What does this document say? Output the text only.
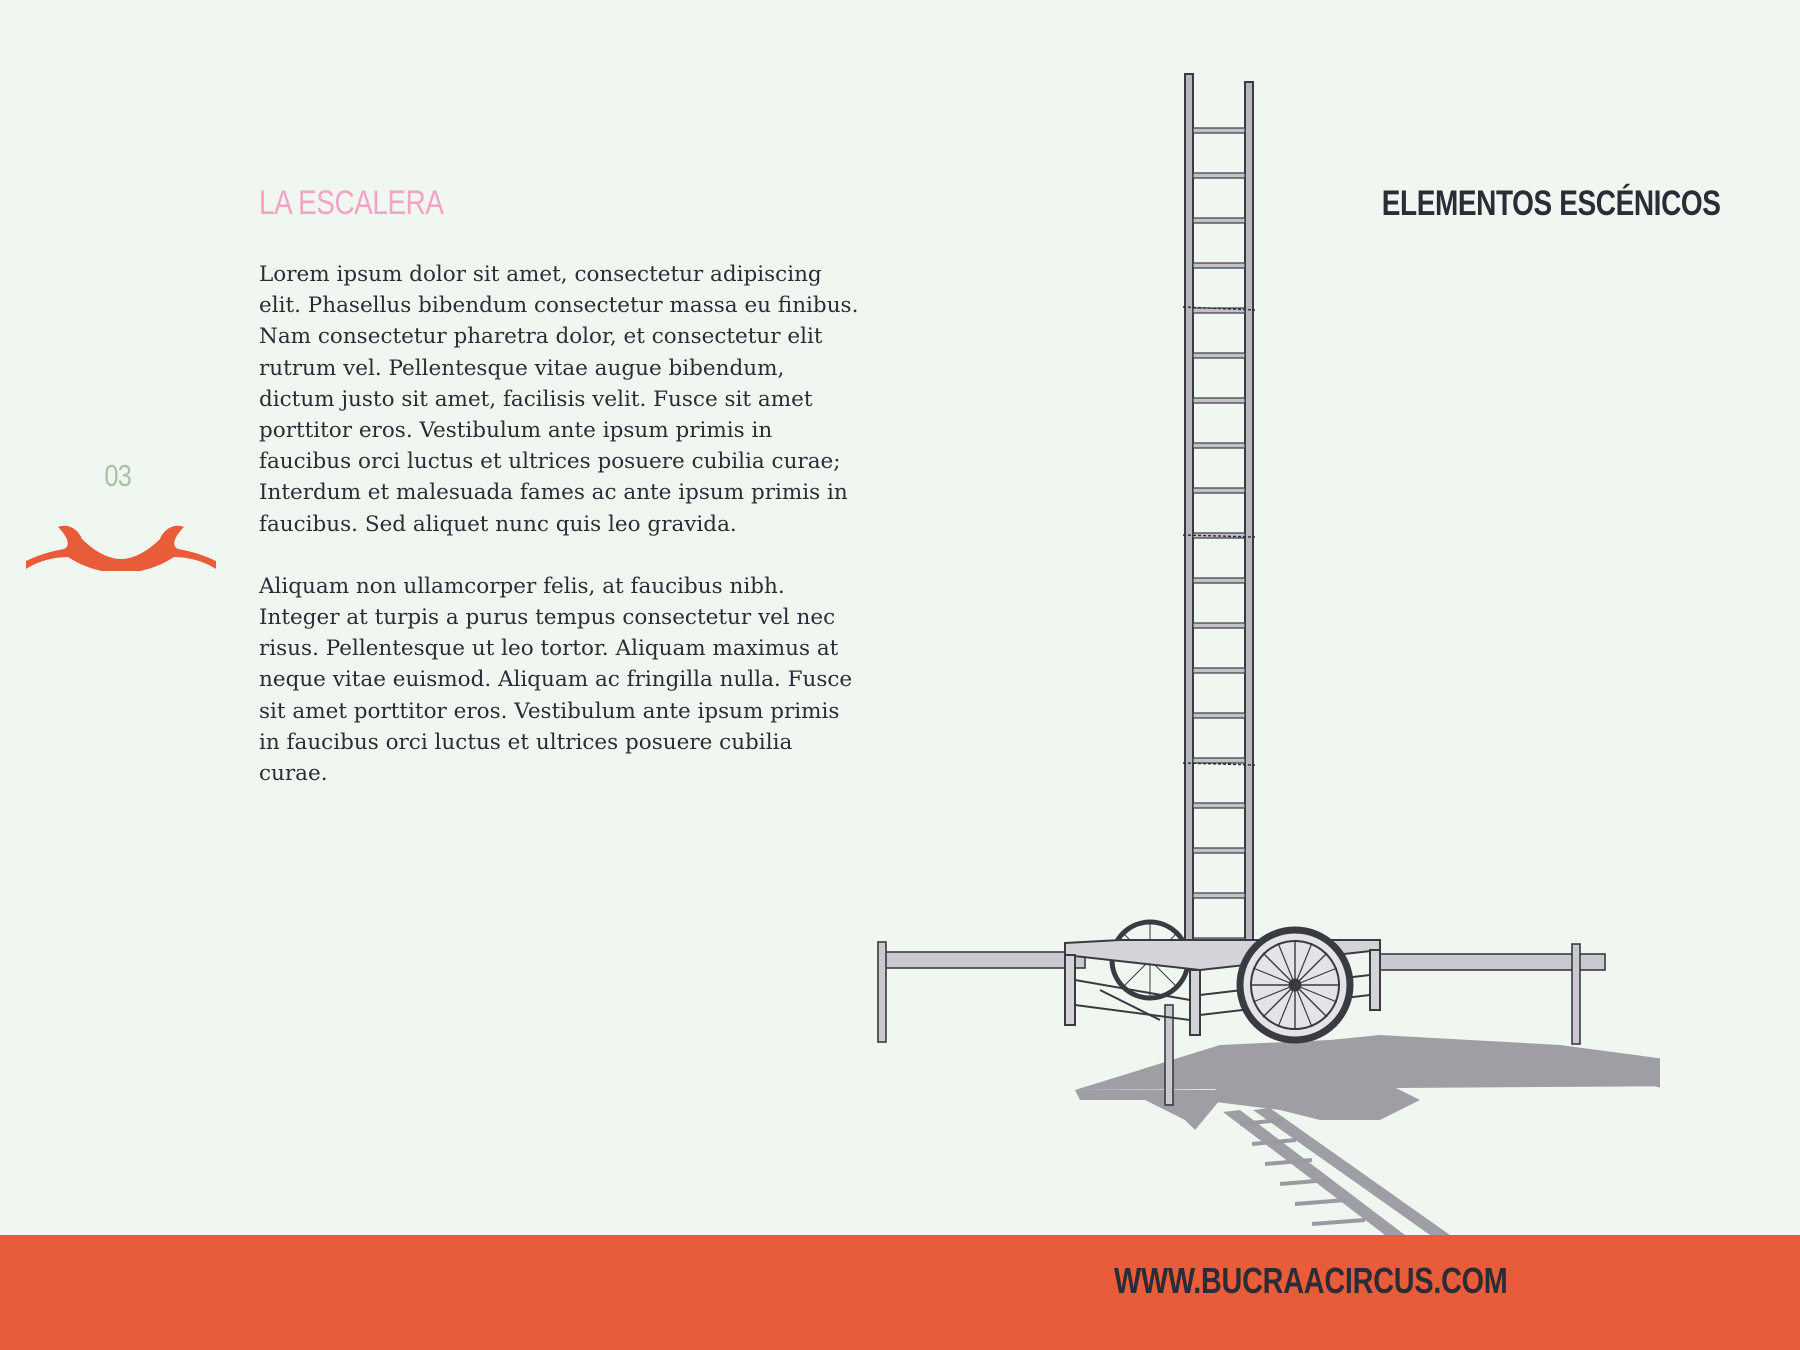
03
LA ESCALERA

Lorem ipsum dolor sit amet, consectetur adipiscing elit. Phasellus bibendum consectetur massa eu finibus. Nam consectetur pharetra dolor, et consectetur elit rutrum vel. Pellentesque vitae augue bibendum, dictum justo sit amet, facilisis velit. Fusce sit amet porttitor eros. Vestibulum ante ipsum primis in faucibus orci luctus et ultrices posuere cubilia curae; Interdum et malesuada fames ac ante ipsum primis in faucibus. Sed aliquet nunc quis leo gravida.

Aliquam non ullamcorper felis, at faucibus nibh. Integer at turpis a purus tempus consectetur vel nec risus. Pellentesque ut leo tortor. Aliquam maximus at neque vitae euismod. Aliquam ac fringilla nulla. Fusce sit amet porttitor eros. Vestibulum ante ipsum primis in faucibus orci luctus et ultrices posuere cubilia curae.

ELEMENTOS ESCÉNICOS
WWW.BUCRAACIRCUS.COM
